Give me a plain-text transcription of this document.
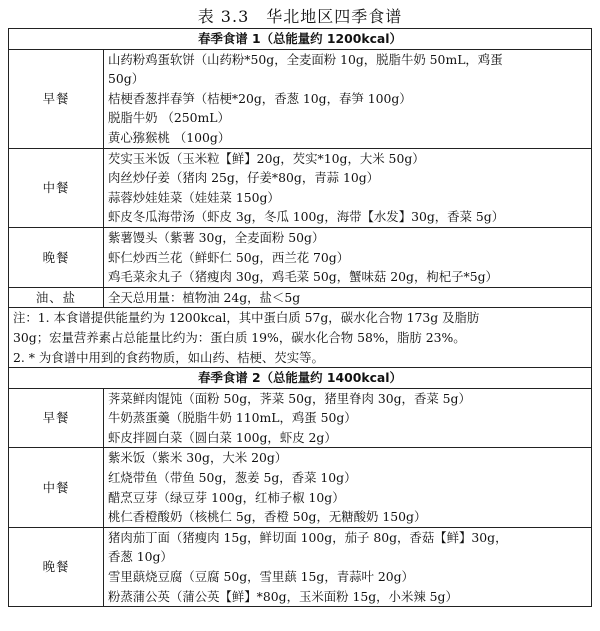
表 3.3　华北地区四季食谱
春季食谱 1（总能量约 1200kcal）	
早餐	山药粉鸡蛋软饼（山药粉*50g，全麦面粉 10g，脱脂牛奶 50mL，鸡蛋
50g）
桔梗香葱拌春笋（桔梗*20g，香葱 10g，春笋 100g）
脱脂牛奶 （250mL）
黄心猕猴桃 （100g）

中餐	芡实玉米饭（玉米粒【鲜】20g，芡实*10g，大米 50g）
肉丝炒仔姜（猪肉 25g，仔姜*80g，青蒜 10g）
蒜蓉炒娃娃菜（娃娃菜 150g）
虾皮冬瓜海带汤（虾皮 3g，冬瓜 100g，海带【水发】30g，香菜 5g）

晚餐	紫薯馒头（紫薯 30g，全麦面粉 50g）
虾仁炒西兰花（鲜虾仁 50g，西兰花 70g）
鸡毛菜汆丸子（猪瘦肉 30g，鸡毛菜 50g，蟹味菇 20g，枸杞子*5g）

油、盐	全天总用量：植物油 24g，盐＜5g

注：1. 本食谱提供能量约为 1200kcal，其中蛋白质 57g，碳水化合物 173g 及脂肪
30g；宏量营养素占总能量比约为：蛋白质 19%，碳水化合物 58%，脂肪 23%。
2. * 为食谱中用到的食药物质，如山药、桔梗、芡实等。	

春季食谱 2（总能量约 1400kcal）	
早餐	荠菜鲜肉馄饨（面粉 50g，荠菜 50g，猪里脊肉 30g，香菜 5g）
牛奶蒸蛋羹（脱脂牛奶 110mL，鸡蛋 50g）
虾皮拌圆白菜（圆白菜 100g，虾皮 2g）

中餐	紫米饭（紫米 30g，大米 20g）
红烧带鱼（带鱼 50g，葱姜 5g，香菜 10g）
醋烹豆芽（绿豆芽 100g，红柿子椒 10g）
桃仁香橙酸奶（核桃仁 5g，香橙 50g，无糖酸奶 150g）

晚餐	猪肉茄丁面（猪瘦肉 15g，鲜切面 100g，茄子 80g，香菇【鲜】30g，
香葱 10g）
雪里蕻烧豆腐（豆腐 50g，雪里蕻 15g，青蒜叶 20g）
粉蒸蒲公英（蒲公英【鲜】*80g，玉米面粉 15g，小米辣 5g）
